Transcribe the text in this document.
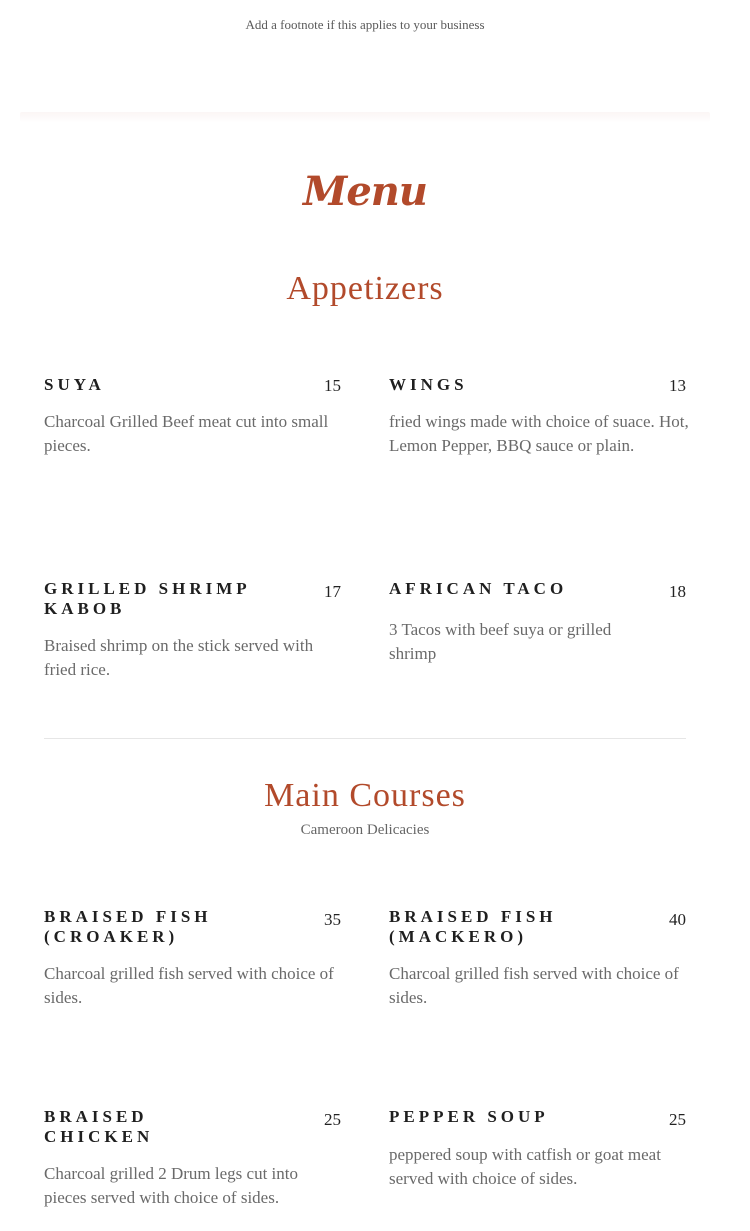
Add a footnote if this applies to your business
Menu
Appetizers
SUYA	15
Charcoal Grilled Beef meat cut into small pieces.
WINGS	13
fried wings made with choice of suace. Hot, Lemon Pepper, BBQ sauce or plain.
GRILLED SHRIMP KABOB
17
Braised shrimp on the stick served with fried rice.
AFRICAN TACO	18
3 Tacos with beef suya or grilled shrimp
Main Courses
Cameroon Delicacies
BRAISED FISH (CROAKER)
35
Charcoal grilled fish served with choice of sides.
BRAISED FISH (MACKERO)
40
Charcoal grilled fish served with choice of sides.
BRAISED CHICKEN
25
Charcoal grilled 2 Drum legs cut into pieces served with choice of sides.
PEPPER SOUP	25
peppered soup with catfish or goat meat served with choice of sides.
